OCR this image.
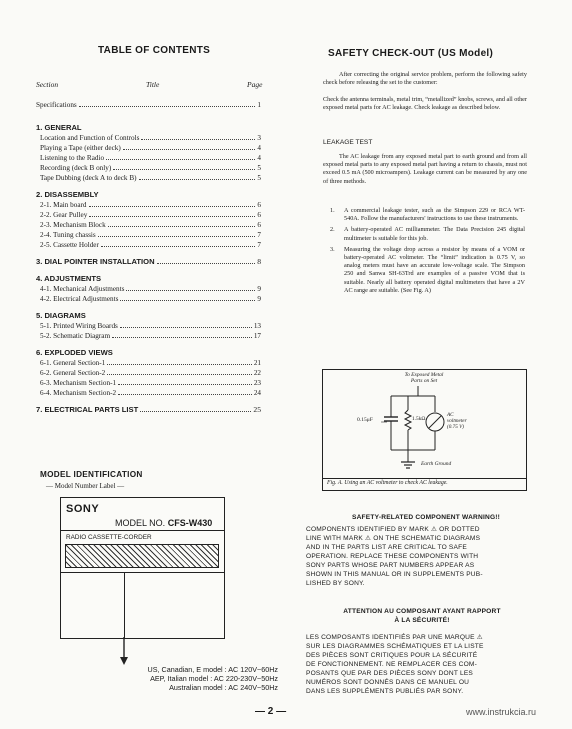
TABLE OF CONTENTS
Section	Title	Page
Specifications	1
1. GENERAL
Location and Function of Controls	3
Playing a Tape (either deck)	4
Listening to the Radio	4
Recording (deck B only)	5
Tape Dubbing (deck A to deck B)	5
2. DISASSEMBLY
2-1. Main board	6
2-2. Gear Pulley	6
2-3. Mechanism Block	6
2-4. Tuning chassis	7
2-5. Cassette Holder	7
3. DIAL POINTER INSTALLATION	8
4. ADJUSTMENTS
4-1. Mechanical Adjustments	9
4-2. Electrical Adjustments	9
5. DIAGRAMS
5-1. Printed Wiring Boards	13
5-2. Schematic Diagram	17
6. EXPLODED VIEWS
6-1. General Section-1	21
6-2. General Section-2	22
6-3. Mechanism Section-1	23
6-4. Mechanism Section-2	24
7. ELECTRICAL PARTS LIST	25
MODEL IDENTIFICATION
— Model Number Label —
SONY
MODEL NO. CFS-W430
RADIO CASSETTE-CORDER
US, Canadian, E model : AC 120V~60Hz
AEP, Italian model : AC 220-230V~50Hz
Australian model : AC 240V~50Hz
SAFETY CHECK-OUT (US Model)
After correcting the original service problem, perform the following safety check before releasing the set to the customer:
Check the antenna terminals, metal trim, “metallized” knobs, screws, and all other exposed metal parts for AC leakage. Check leakage as described below.
LEAKAGE TEST
The AC leakage from any exposed metal part to earth ground and from all exposed metal parts to any exposed metal part having a return to chassis, must not exceed 0.5 mA (500 microampers). Leakage current can be measured by any one of three methods.
1.	A commercial leakage tester, such as the Simpson 229 or RCA WT-540A. Follow the manufacturers' instructions to use these instruments.
2.	A battery-operated AC milliammeter. The Data Precision 245 digital multimeter is suitable for this job.
3.	Measuring the voltage drop across a resistor by means of a VOM or battery-operated AC voltmeter. The “limit” indication is 0.75 V, so analog meters must have an accurate low-voltage scale. The Simpson 250 and Sanwa SH-63Trd are examples of a passive VOM that is suitable. Nearly all battery operated digital multimeters that have a 2V AC range are suitable. (See Fig. A)
To Exposed Metal
Parts on Set
0.15μF	1.5kΩ
AC
voltmeter
(0.75 V)
Earth Ground
Fig. A. Using an AC voltmeter to check AC leakage.
SAFETY-RELATED COMPONENT WARNING!!
COMPONENTS IDENTIFIED BY MARK ⚠ OR DOTTED
LINE WITH MARK ⚠ ON THE SCHEMATIC DIAGRAMS
AND IN THE PARTS LIST ARE CRITICAL TO SAFE
OPERATION. REPLACE THESE COMPONENTS WITH
SONY PARTS WHOSE PART NUMBERS APPEAR AS
SHOWN IN THIS MANUAL OR IN SUPPLEMENTS PUB-
LISHED BY SONY.
ATTENTION AU COMPOSANT AYANT RAPPORT
À LA SÉCURITÉ!
LES COMPOSANTS IDENTIFIÉS PAR UNE MARQUE ⚠
SUR LES DIAGRAMMES SCHÉMATIQUES ET LA LISTE
DES PIÈCES SONT CRITIQUES POUR LA SÉCURITÉ
DE FONCTIONNEMENT. NE REMPLACER CES COM-
POSANTS QUE PAR DES PIÈCES SONY DONT LES
NUMÉROS SONT DONNÉS DANS CE MANUEL OU
DANS LES SUPPLÉMENTS PUBLIÉS PAR SONY.
— 2 —	www.instrukcia.ru
